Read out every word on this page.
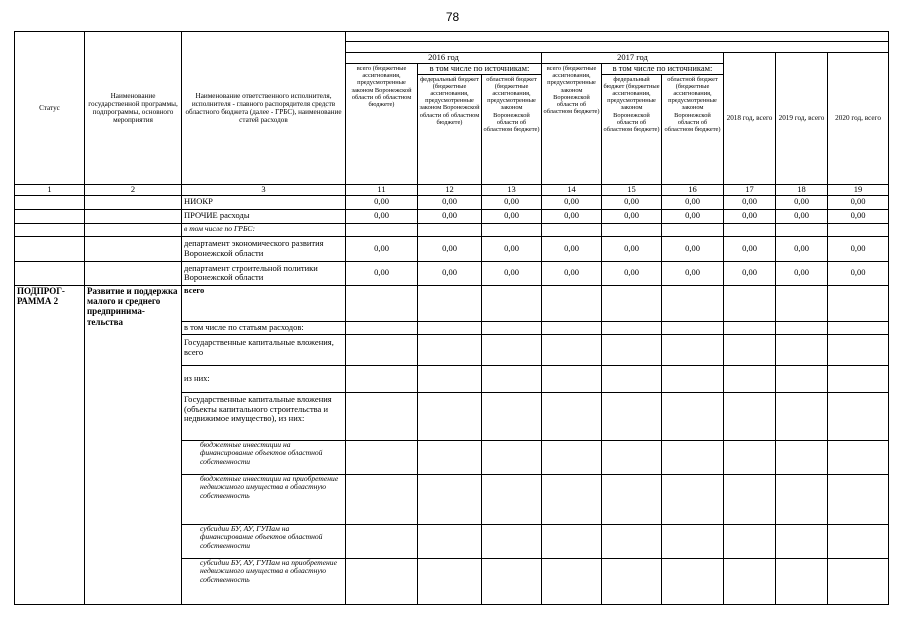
78
Статус	Наименование государственной программы, подпрограммы, основного мероприятия	Наименование ответственного исполнителя, исполнителя - главного распорядителя средств областного бюджета (далее - ГРБС), наименование статей расходов									

			2016 год			2017 год			2018 год, всего	2019 год, всего	2020 год, всего
			всего (бюджетные ассигнования, предусмотренные законом Воронежской области об областном бюджете)	в том числе по источникам:		всего (бюджетные ассигнования, предусмотренные законом Воронежской области об областном бюджете)	в том числе по источникам:				
				федеральный бюджет (бюджетные ассигнования, предусмотренные законом Воронежской области об областном бюджете)	областной бюджет (бюджетные ассигнования, предусмотренные законом Воронежской области об областном бюджете)		федеральный бюджет (бюджетные ассигнования, предусмотренные законом Воронежской области об областном бюджете)	областной бюджет (бюджетные ассигнования, предусмотренные законом Воронежской области об областном бюджете)			
1	2	3	11	12	13	14	15	16	17	18	19
		НИОКР	0,00	0,00	0,00	0,00	0,00	0,00	0,00	0,00	0,00
		ПРОЧИЕ расходы	0,00	0,00	0,00	0,00	0,00	0,00	0,00	0,00	0,00
		в том числе по ГРБС:									
		департамент экономического развития Воронежской области	0,00	0,00	0,00	0,00	0,00	0,00	0,00	0,00	0,00
		департамент строительной политики Воронежской области	0,00	0,00	0,00	0,00	0,00	0,00	0,00	0,00	0,00
ПОДПРОГ-РАММА 2	Развитие и поддержка малого и среднего предпринима-тельства	всего									
		в том числе по статьям расходов:									
		Государственные капитальные вложения, всего									
		из них:									
		Государственные капитальные вложения (объекты капитального строительства и недвижимое имущество), из них:									
		бюджетные инвестиции на финансирование объектов областной собственности									
		бюджетные инвестиции на приобретение недвижимого имущества в областную собственность									
		субсидии БУ, АУ, ГУПам на финансирование объектов областной собственности									
		субсидии БУ, АУ, ГУПам на приобретение недвижимого имущества в областную собственность									
